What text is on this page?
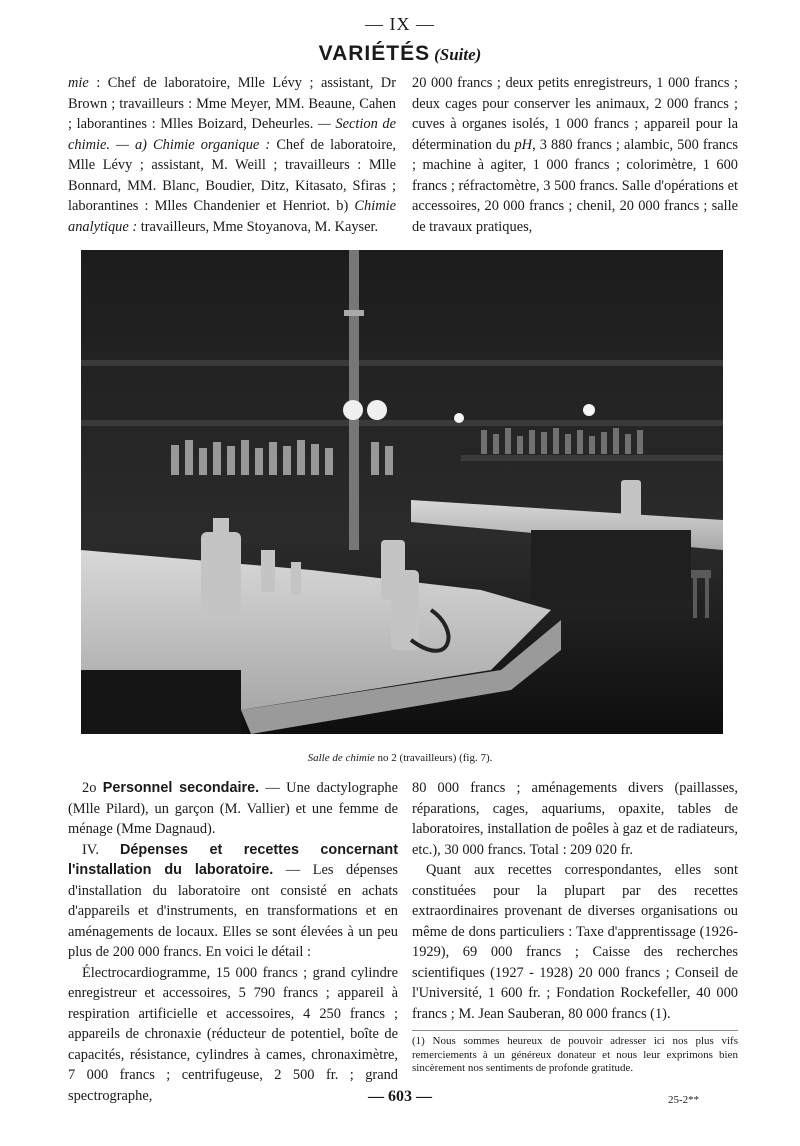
— IX —
VARIÉTÉS (Suite)

mie : Chef de laboratoire, Mlle Lévy ; assistant, Dr Brown ; travailleurs : Mme Meyer, MM. Beaune, Cahen ; laborantines : Mlles Boizard, Deheurles. — Section de chimie. — a) Chimie organique : Chef de laboratoire, Mlle Lévy ; assistant, M. Weill ; travailleurs : Mlle Bonnard, MM. Blanc, Boudier, Ditz, Kitasato, Sfiras ; laborantines : Mlles Chandenier et Henriot. b) Chimie analytique : travailleurs, Mme Stoyanova, M. Kayser.

20 000 francs ; deux petits enregistreurs, 1 000 francs ; deux cages pour conserver les animaux, 2 000 francs ; cuves à organes isolés, 1 000 francs ; appareil pour la détermination du pH, 3 880 francs ; alambic, 500 francs ; machine à agiter, 1 000 francs ; colorimètre, 1 600 francs ; réfractomètre, 3 500 francs. Salle d'opérations et accessoires, 20 000 francs ; chenil, 20 000 francs ; salle de travaux pratiques,

Salle de chimie no 2 (travailleurs) (fig. 7).

2o Personnel secondaire. — Une dactylographe (Mlle Pilard), un garçon (M. Vallier) et une femme de ménage (Mme Dagnaud).

IV. Dépenses et recettes concernant l'installation du laboratoire. — Les dépenses d'installation du laboratoire ont consisté en achats d'appareils et d'instruments, en transformations et en aménagements de locaux. Elles se sont élevées à un peu plus de 200 000 francs. En voici le détail :

Électrocardiogramme, 15 000 francs ; grand cylindre enregistreur et accessoires, 5 790 francs ; appareil à respiration artificielle et accessoires, 4 250 francs ; appareils de chronaxie (réducteur de potentiel, boîte de capacités, résistance, cylindres à cames, chronaximètre, 7 000 francs ; centrifugeuse, 2 500 fr. ; grand spectrographe,

80 000 francs ; aménagements divers (paillasses, réparations, cages, aquariums, opaxite, tables de laboratoires, installation de poêles à gaz et de radiateurs, etc.), 30 000 francs. Total : 209 020 fr.

Quant aux recettes correspondantes, elles sont constituées pour la plupart par des recettes extraordinaires provenant de diverses organisations ou même de dons particuliers : Taxe d'apprentissage (1926-1929), 69 000 francs ; Caisse des recherches scientifiques (1927 - 1928) 20 000 francs ; Conseil de l'Université, 1 600 fr. ; Fondation Rockefeller, 40 000 francs ; M. Jean Sauberan, 80 000 francs (1).

(1) Nous sommes heureux de pouvoir adresser ici nos plus vifs remerciements à un généreux donateur et nous leur exprimons bien sincèrement nos sentiments de profonde gratitude.
— 603 —	25-2**
